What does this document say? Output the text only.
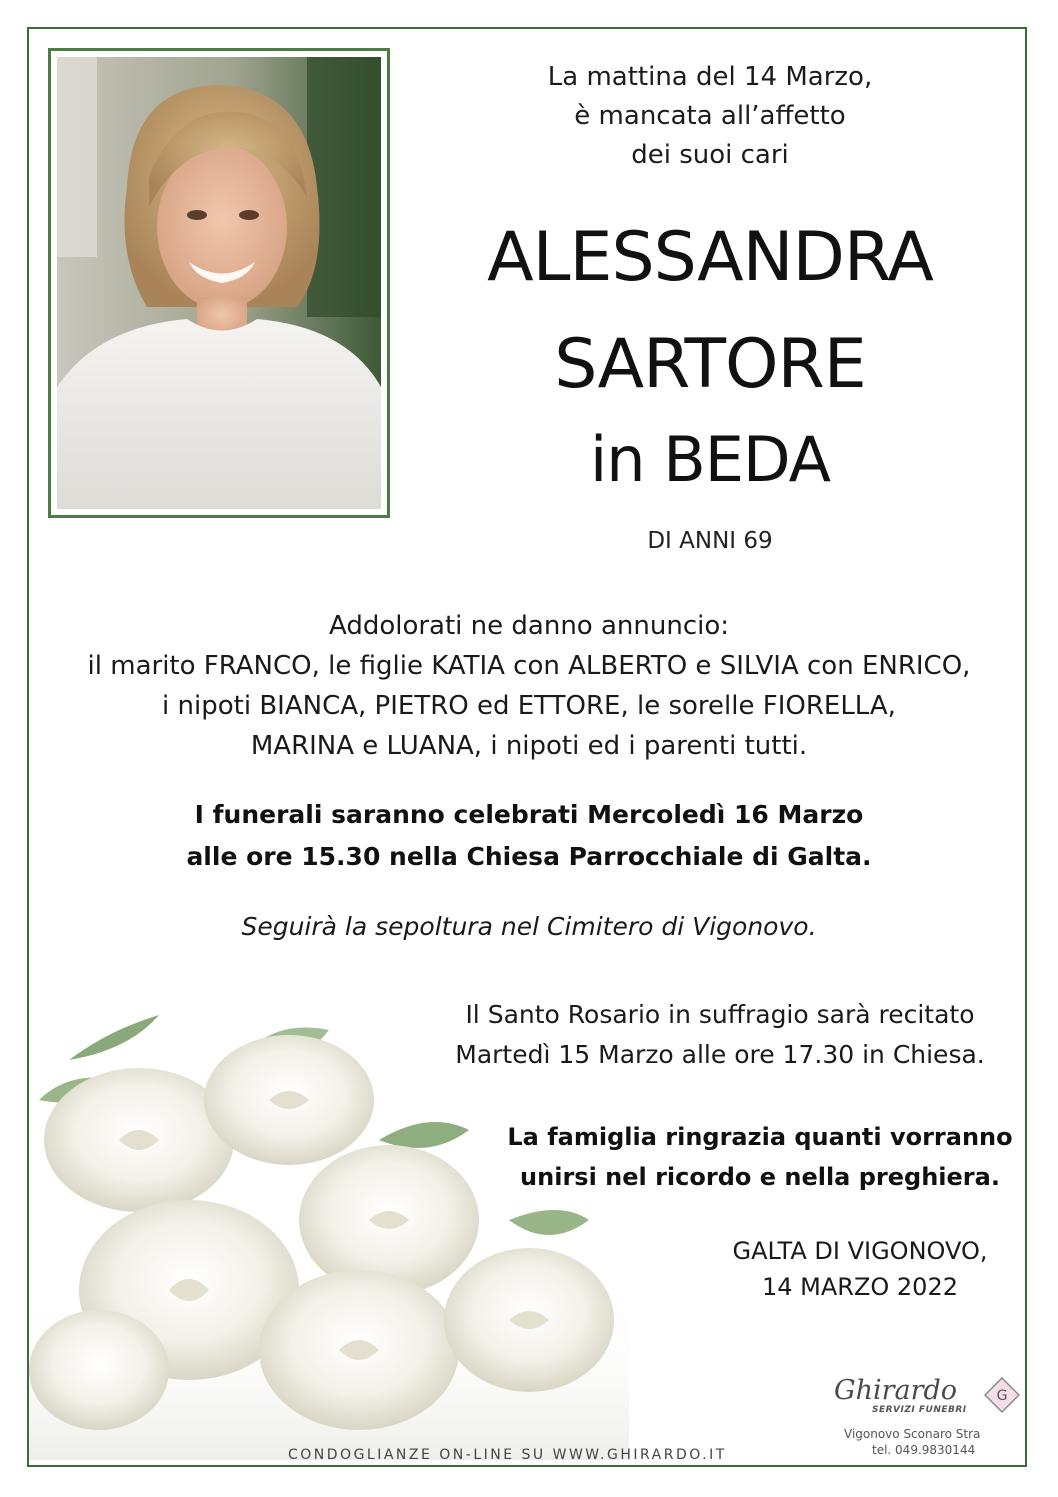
La mattina del 14 Marzo,
è mancata all’affetto
dei suoi cari
ALESSANDRA
SARTORE
in BEDA
DI ANNI 69
Addolorati ne danno annuncio:
il marito FRANCO, le figlie KATIA con ALBERTO e SILVIA con ENRICO,
i nipoti BIANCA, PIETRO ed ETTORE, le sorelle FIORELLA,
MARINA e LUANA, i nipoti ed i parenti tutti.
I funerali saranno celebrati Mercoledì 16 Marzo
alle ore 15.30 nella Chiesa Parrocchiale di Galta.
Seguirà la sepoltura nel Cimitero di Vigonovo.
Il Santo Rosario in suffragio sarà recitato
Martedì 15 Marzo alle ore 17.30 in Chiesa.
La famiglia ringrazia quanti vorranno
unirsi nel ricordo e nella preghiera.
GALTA DI VIGONOVO,
14 MARZO 2022
Ghirardo
SERVIZI FUNEBRI
G
Vigonovo Sconaro Stra
tel. 049.9830144
CONDOGLIANZE ON-LINE SU WWW.GHIRARDO.IT
